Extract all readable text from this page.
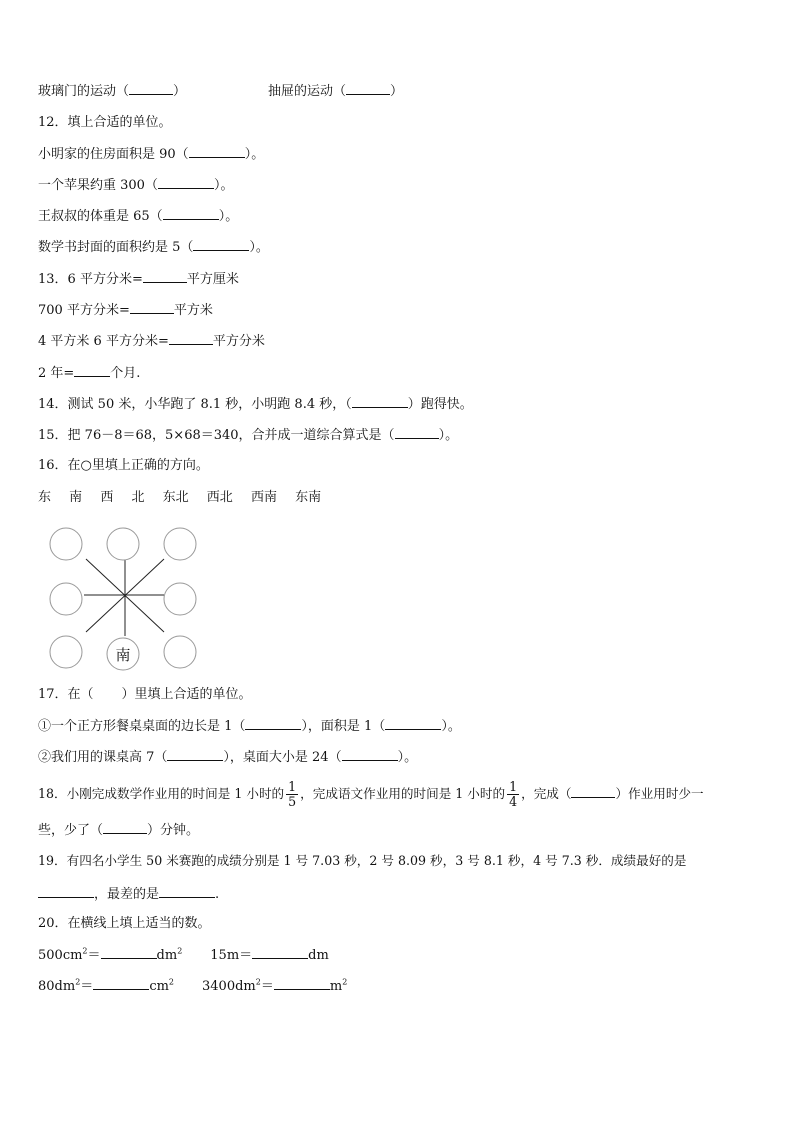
玻璃门的运动（	）	抽屉的运动（	）
12．填上合适的单位。
小明家的住房面积是 90（	）。
一个苹果约重 300（	）。
王叔叔的体重是 65（	）。
数学书封面的面积约是 5（	）。
13．6 平方分米=	平方厘米
700 平方分米=	平方米
4 平方米 6 平方分米=	平方分米
2 年=	个月.
14．测试 50 米，小华跑了 8.1 秒，小明跑 8.4 秒，（	）跑得快。
15．把 76－8＝68，5×68＝340，合并成一道综合算式是（	）。
16．在○里填上正确的方向。
东 南 西 北 东北 西北 西南 东南
南
17．在（ ）里填上合适的单位。
①一个正方形餐桌桌面的边长是 1（	），面积是 1（	）。
②我们用的课桌高 7（	），桌面大小是 24（	）。
18．小刚完成数学作业用的时间是 1 小时的 $\frac{1}{5}$ ，完成语文作业用的时间是 1 小时的 $\frac{1}{4}$ ，完成（	）作业用时少一
些，少了（	）分钟。
19．有四名小学生 50 米赛跑的成绩分别是 1 号 7.03 秒，2 号 8.09 秒，3 号 8.1 秒，4 号 7.3 秒．成绩最好的是
，最差的是	.
20．在横线上填上适当的数。
$500cm^2=$	$dm^2$ 15m＝	dm
$80dm^2=$	$cm^2$ $3400dm^2=$	$m^2$
